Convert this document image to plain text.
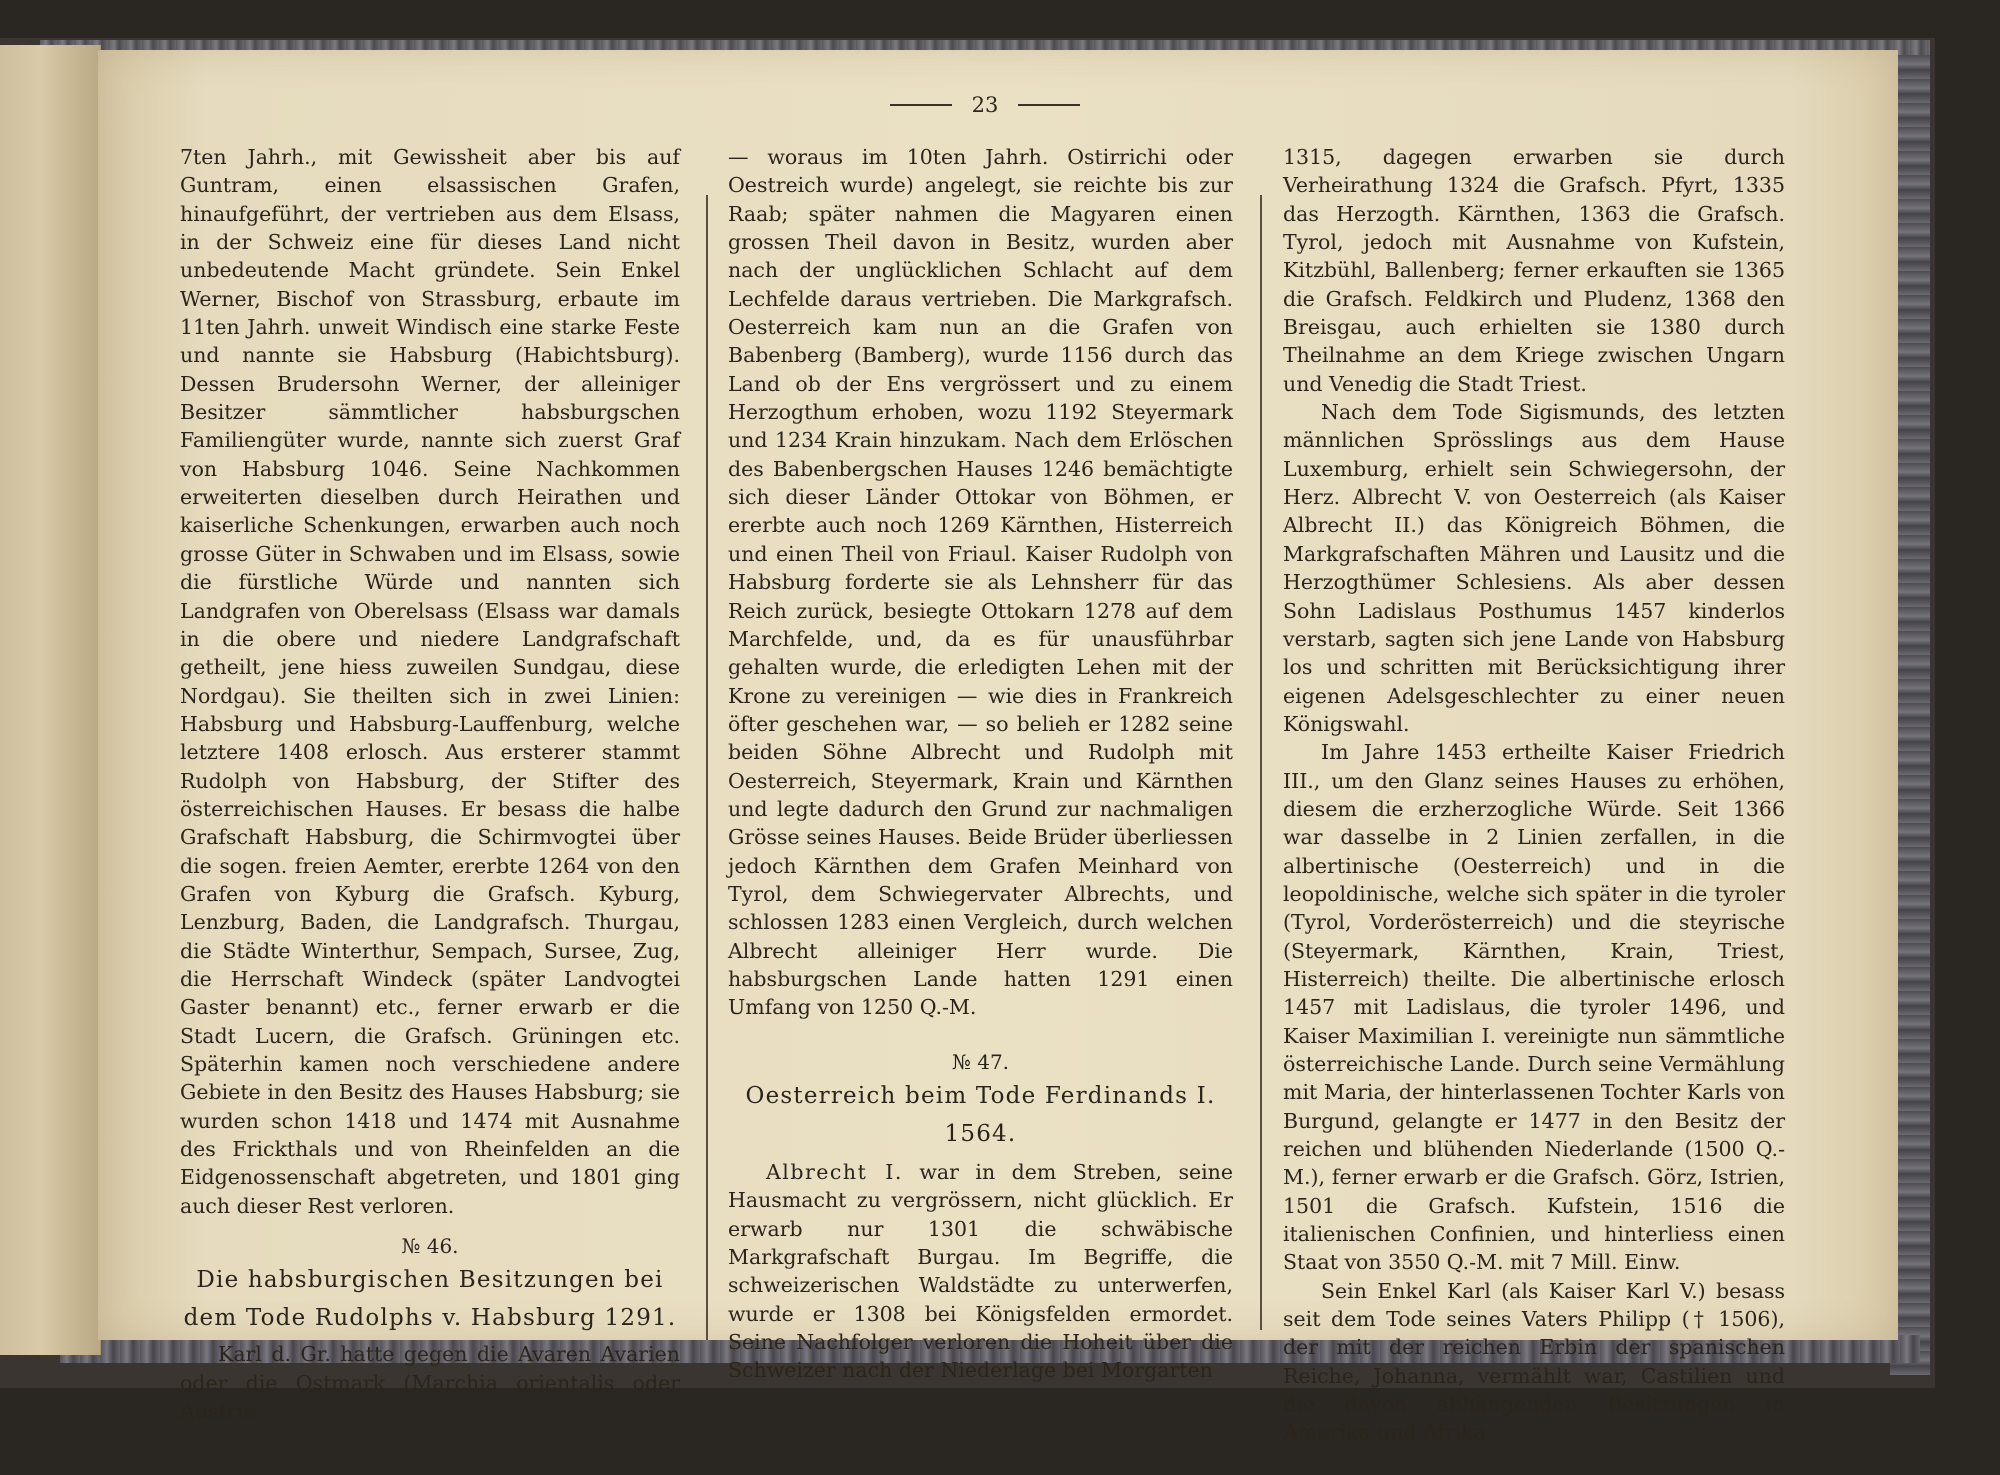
23

7ten Jahrh., mit Gewissheit aber bis auf Guntram, einen elsassischen Grafen, hinaufgeführt, der vertrieben aus dem Elsass, in der Schweiz eine für dieses Land nicht unbedeutende Macht gründete. Sein Enkel Werner, Bischof von Strassburg, erbaute im 11ten Jahrh. unweit Windisch eine starke Feste und nannte sie Habsburg (Habichtsburg). Dessen Brudersohn Werner, der alleiniger Besitzer sämmtlicher habsburgschen Familiengüter wurde, nannte sich zuerst Graf von Habsburg 1046. Seine Nachkommen erweiterten dieselben durch Heirathen und kaiserliche Schenkungen, erwarben auch noch grosse Güter in Schwaben und im Elsass, sowie die fürstliche Würde und nannten sich Landgrafen von Oberelsass (Elsass war damals in die obere und niedere Landgrafschaft getheilt, jene hiess zuweilen Sundgau, diese Nordgau). Sie theilten sich in zwei Linien: Habsburg und Habsburg-Lauffenburg, welche letztere 1408 erlosch. Aus ersterer stammt Rudolph von Habsburg, der Stifter des österreichischen Hauses. Er besass die halbe Grafschaft Habsburg, die Schirmvogtei über die sogen. freien Aemter, ererbte 1264 von den Grafen von Kyburg die Grafsch. Kyburg, Lenzburg, Baden, die Landgrafsch. Thurgau, die Städte Winterthur, Sempach, Sursee, Zug, die Herrschaft Windeck (später Landvogtei Gaster benannt) etc., ferner erwarb er die Stadt Lucern, die Grafsch. Grüningen etc. Späterhin kamen noch verschiedene andere Gebiete in den Besitz des Hauses Habsburg; sie wurden schon 1418 und 1474 mit Ausnahme des Frickthals und von Rheinfelden an die Eidgenossenschaft abgetreten, und 1801 ging auch dieser Rest verloren.

№ 46.
Die habsburgischen Besitzungen bei
dem Tode Rudolphs v. Habsburg 1291.

Karl d. Gr. hatte gegen die Avaren Avarien oder die Ostmark (Marchia orientalis oder Austria

— woraus im 10ten Jahrh. Ostirrichi oder Oestreich wurde) angelegt, sie reichte bis zur Raab; später nahmen die Magyaren einen grossen Theil davon in Besitz, wurden aber nach der unglücklichen Schlacht auf dem Lechfelde daraus vertrieben. Die Markgrafsch. Oesterreich kam nun an die Grafen von Babenberg (Bamberg), wurde 1156 durch das Land ob der Ens vergrössert und zu einem Herzogthum erhoben, wozu 1192 Steyermark und 1234 Krain hinzukam. Nach dem Erlöschen des Babenbergschen Hauses 1246 bemächtigte sich dieser Länder Ottokar von Böhmen, er ererbte auch noch 1269 Kärnthen, Histerreich und einen Theil von Friaul. Kaiser Rudolph von Habsburg forderte sie als Lehnsherr für das Reich zurück, besiegte Ottokarn 1278 auf dem Marchfelde, und, da es für unausführbar gehalten wurde, die erledigten Lehen mit der Krone zu vereinigen — wie dies in Frankreich öfter geschehen war, — so belieh er 1282 seine beiden Söhne Albrecht und Rudolph mit Oesterreich, Steyermark, Krain und Kärnthen und legte dadurch den Grund zur nachmaligen Grösse seines Hauses. Beide Brüder überliessen jedoch Kärnthen dem Grafen Meinhard von Tyrol, dem Schwiegervater Albrechts, und schlossen 1283 einen Vergleich, durch welchen Albrecht alleiniger Herr wurde. Die habsburgschen Lande hatten 1291 einen Umfang von 1250 Q.-M.

№ 47.
Oesterreich beim Tode Ferdinands I.
1564.

Albrecht I. war in dem Streben, seine Hausmacht zu vergrössern, nicht glücklich. Er erwarb nur 1301 die schwäbische Markgrafschaft Burgau. Im Begriffe, die schweizerischen Waldstädte zu unterwerfen, wurde er 1308 bei Königsfelden ermordet. Seine Nachfolger verloren die Hoheit über die Schweizer nach der Niederlage bei Morgarten

1315, dagegen erwarben sie durch Verheirathung 1324 die Grafsch. Pfyrt, 1335 das Herzogth. Kärnthen, 1363 die Grafsch. Tyrol, jedoch mit Ausnahme von Kufstein, Kitzbühl, Ballenberg; ferner erkauften sie 1365 die Grafsch. Feldkirch und Pludenz, 1368 den Breisgau, auch erhielten sie 1380 durch Theilnahme an dem Kriege zwischen Ungarn und Venedig die Stadt Triest.

Nach dem Tode Sigismunds, des letzten männlichen Sprösslings aus dem Hause Luxemburg, erhielt sein Schwiegersohn, der Herz. Albrecht V. von Oesterreich (als Kaiser Albrecht II.) das Königreich Böhmen, die Markgrafschaften Mähren und Lausitz und die Herzogthümer Schlesiens. Als aber dessen Sohn Ladislaus Posthumus 1457 kinderlos verstarb, sagten sich jene Lande von Habsburg los und schritten mit Berücksichtigung ihrer eigenen Adelsgeschlechter zu einer neuen Königswahl.

Im Jahre 1453 ertheilte Kaiser Friedrich III., um den Glanz seines Hauses zu erhöhen, diesem die erzherzogliche Würde. Seit 1366 war dasselbe in 2 Linien zerfallen, in die albertinische (Oesterreich) und in die leopoldinische, welche sich später in die tyroler (Tyrol, Vorderösterreich) und die steyrische (Steyermark, Kärnthen, Krain, Triest, Histerreich) theilte. Die albertinische erlosch 1457 mit Ladislaus, die tyroler 1496, und Kaiser Maximilian I. vereinigte nun sämmtliche österreichische Lande. Durch seine Vermählung mit Maria, der hinterlassenen Tochter Karls von Burgund, gelangte er 1477 in den Besitz der reichen und blühenden Niederlande (1500 Q.-M.), ferner erwarb er die Grafsch. Görz, Istrien, 1501 die Grafsch. Kufstein, 1516 die italienischen Confinien, und hinterliess einen Staat von 3550 Q.-M. mit 7 Mill. Einw.

Sein Enkel Karl (als Kaiser Karl V.) besass seit dem Tode seines Vaters Philipp († 1506), der mit der reichen Erbin der spanischen Reiche, Johanna, vermählt war, Castilien und die davon abhängenden Besitzungen in Amerika und Afrika
